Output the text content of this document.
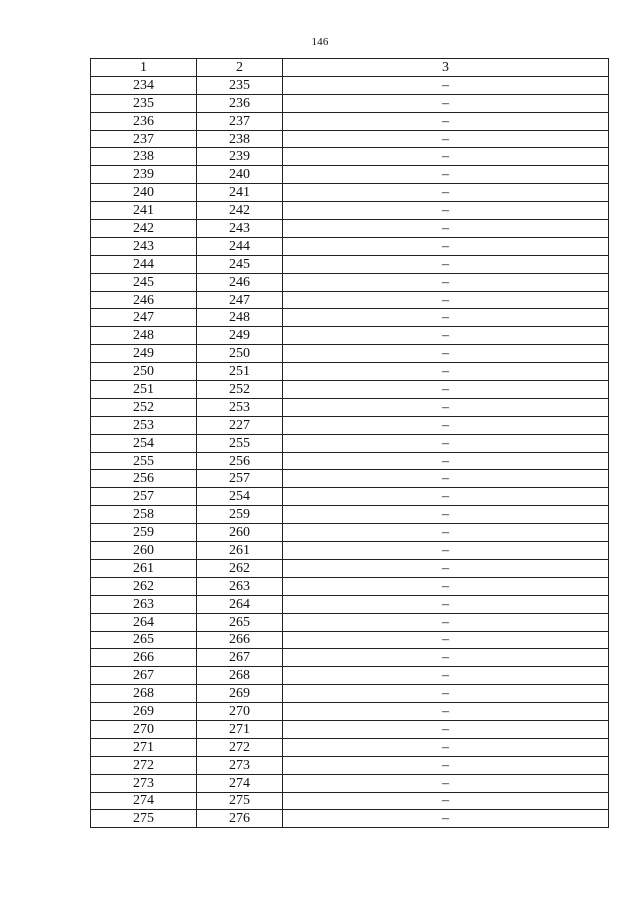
146
1	2	3
234	235	–
235	236	–
236	237	–
237	238	–
238	239	–
239	240	–
240	241	–
241	242	–
242	243	–
243	244	–
244	245	–
245	246	–
246	247	–
247	248	–
248	249	–
249	250	–
250	251	–
251	252	–
252	253	–
253	227	–
254	255	–
255	256	–
256	257	–
257	254	–
258	259	–
259	260	–
260	261	–
261	262	–
262	263	–
263	264	–
264	265	–
265	266	–
266	267	–
267	268	–
268	269	–
269	270	–
270	271	–
271	272	–
272	273	–
273	274	–
274	275	–
275	276	–
